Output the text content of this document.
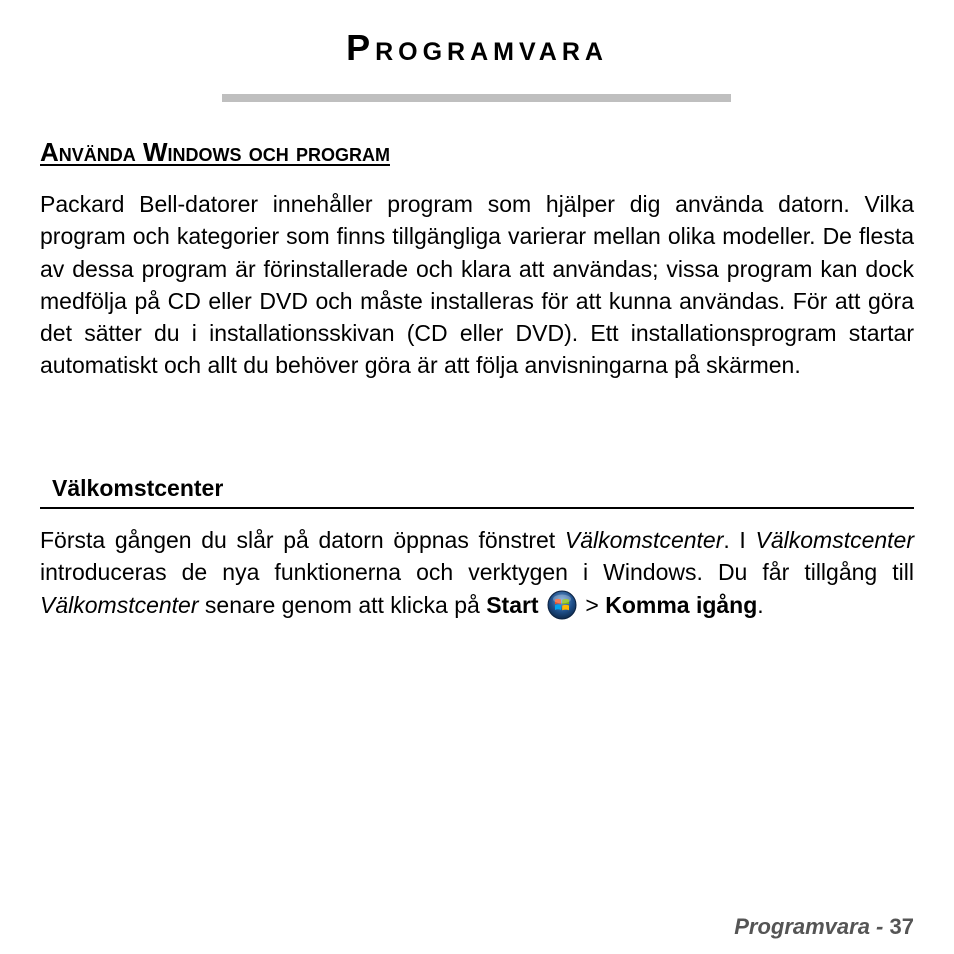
Programvara
Använda Windows och program

Packard Bell-datorer innehåller program som hjälper dig använda datorn. Vilka program och kategorier som finns tillgängliga varierar mellan olika modeller. De flesta av dessa program är förinstallerade och klara att användas; vissa program kan dock medfölja på CD eller DVD och måste installeras för att kunna användas. För att göra det sätter du i installationsskivan (CD eller DVD). Ett installationsprogram startar automatiskt och allt du behöver göra är att följa anvisningarna på skärmen.

Välkomstcenter

Första gången du slår på datorn öppnas fönstret Välkomstcenter. I Välkomstcenter introduceras de nya funktionerna och verktygen i Windows. Du får tillgång till Välkomstcenter senare genom att klicka på Start  > Komma igång.

Programvara - 37
